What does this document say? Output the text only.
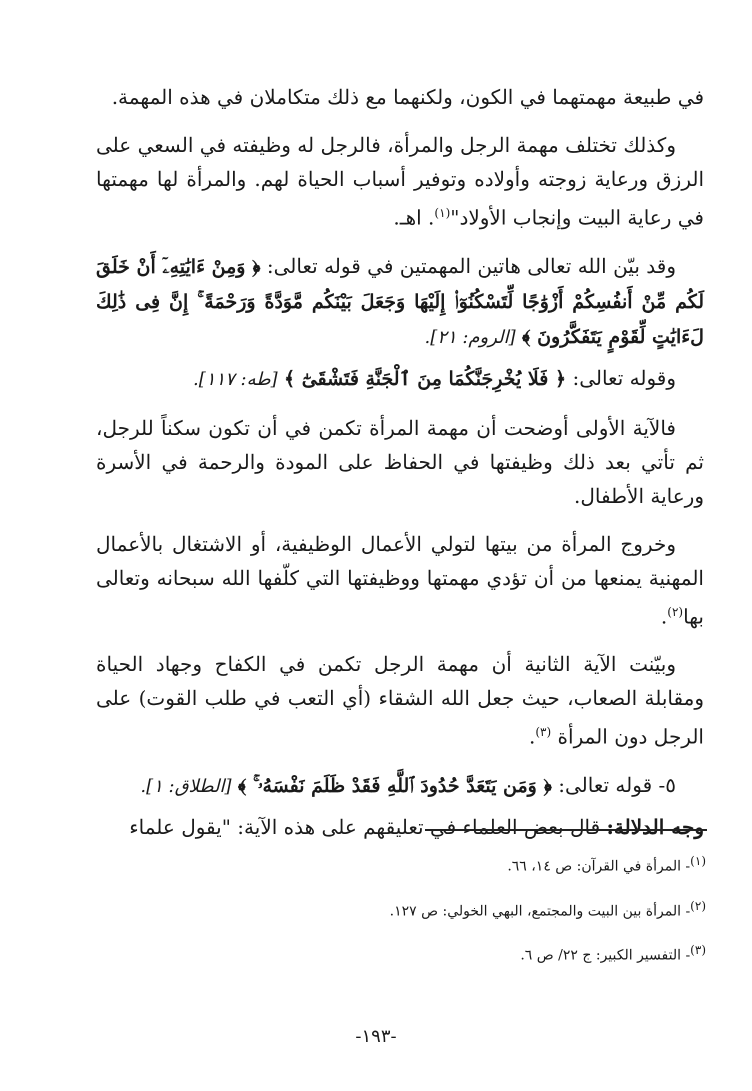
في طبيعة مهمتهما في الكون، ولكنهما مع ذلك متكاملان في هذه المهمة.

وكذلك تختلف مهمة الرجل والمرأة، فالرجل له وظيفته في السعي على الرزق ورعاية زوجته وأولاده وتوفير أسباب الحياة لهم. والمرأة لها مهمتها في رعاية البيت وإنجاب الأولاد"$^{(١)}$. اهـ.

وقد بيّن الله تعالى هاتين المهمتين في قوله تعالى: ﴿ وَمِنْ ءَايَٰتِهِۦٓ أَنْ خَلَقَ لَكُم مِّنْ أَنفُسِكُمْ أَزْوَٰجًا لِّتَسْكُنُوٓا۟ إِلَيْهَا وَجَعَلَ بَيْنَكُم مَّوَدَّةً وَرَحْمَةً ۚ إِنَّ فِى ذَٰلِكَ لَءَايَٰتٍ لِّقَوْمٍ يَتَفَكَّرُونَ ﴾ [الروم: ٢١].

وقوله تعالى: ﴿ فَلَا يُخْرِجَنَّكُمَا مِنَ ٱلْجَنَّةِ فَتَشْقَىٰٓ ﴾ [طه: ١١٧].

فالآية الأولى أوضحت أن مهمة المرأة تكمن في أن تكون سكناً للرجل، ثم تأتي بعد ذلك وظيفتها في الحفاظ على المودة والرحمة في الأسرة ورعاية الأطفال.

وخروج المرأة من بيتها لتولي الأعمال الوظيفية، أو الاشتغال بالأعمال المهنية يمنعها من أن تؤدي مهمتها ووظيفتها التي كلّفها الله سبحانه وتعالى بها$^{(٢)}$.

وبيّنت الآية الثانية أن مهمة الرجل تكمن في الكفاح وجهاد الحياة ومقابلة الصعاب، حيث جعل الله الشقاء (أي التعب في طلب القوت) على الرجل دون المرأة $^{(٣)}$.

٥- قوله تعالى: ﴿ وَمَن يَتَعَدَّ حُدُودَ ٱللَّهِ فَقَدْ ظَلَمَ نَفْسَهُۥ ۚ ﴾ [الطلاق: ١].

وجه الدلالة: قال بعض العلماء في تعليقهم على هذه الآية: "يقول علماء

(١)- المرأة في القرآن: ص ١٤، ٦٦.

(٢)- المرأة بين البيت والمجتمع، البهي الخولي: ص ١٢٧.

(٣)- التفسير الكبير: ج ٢٢/ ص ٦.

-١٩٣-
